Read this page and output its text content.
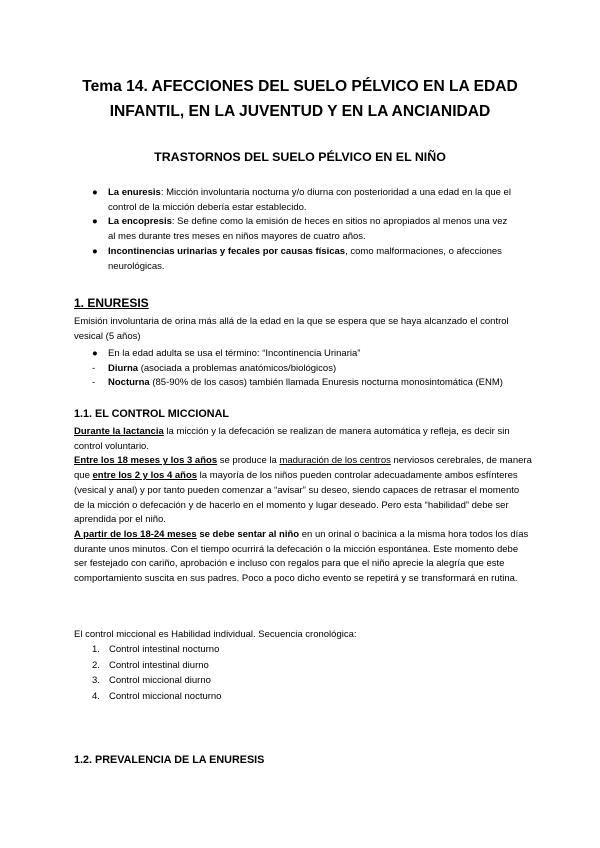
Tema 14. AFECCIONES DEL SUELO PÉLVICO EN LA EDAD
INFANTIL, EN LA JUVENTUD Y EN LA ANCIANIDAD
TRASTORNOS DEL SUELO PÉLVICO EN EL NIÑO
● La enuresis: Micción involuntaria nocturna y/o diurna con posterioridad a una edad en la que el control de la micción debería estar establecido.
● La encopresis: Se define como la emisión de heces en sitios no apropiados al menos una vez al mes durante tres meses en niños mayores de cuatro años.
● Incontinencias urinarias y fecales por causas físicas, como malformaciones, o afecciones neurológicas.
1. ENURESIS
Emisión involuntaria de orina más allá de la edad en la que se espera que se haya alcanzado el control vesical (5 años)
● En la edad adulta se usa el término: “Incontinencia Urinaria”
- Diurna (asociada a problemas anatómicos/biológicos)
- Nocturna (85-90% de los casos) también llamada Enuresis nocturna monosintomática (ENM)
1.1. EL CONTROL MICCIONAL

Durante la lactancia la micción y la defecación se realizan de manera automática y refleja, es decir sin control voluntario.

Entre los 18 meses y los 3 años se produce la maduración de los centros nerviosos cerebrales, de manera que entre los 2 y los 4 años la mayoría de los niños pueden controlar adecuadamente ambos esfínteres (vesical y anal) y por tanto pueden comenzar a “avisar” su deseo, siendo capaces de retrasar el momento de la micción o defecación y de hacerlo en el momento y lugar deseado. Pero esta “habilidad” debe ser aprendida por el niño.

A partir de los 18-24 meses se debe sentar al niño en un orinal o bacinica a la misma hora todos los días durante unos minutos. Con el tiempo ocurrirá la defecación o la micción espontánea. Este momento debe ser festejado con cariño, aprobación e incluso con regalos para que el niño aprecie la alegría que este comportamiento suscita en sus padres. Poco a poco dicho evento se repetirá y se transformará en rutina.

El control miccional es Habilidad individual. Secuencia cronológica:
1. Control intestinal nocturno
2. Control intestinal diurno
3. Control miccional diurno
4. Control miccional nocturno
1.2. PREVALENCIA DE LA ENURESIS
